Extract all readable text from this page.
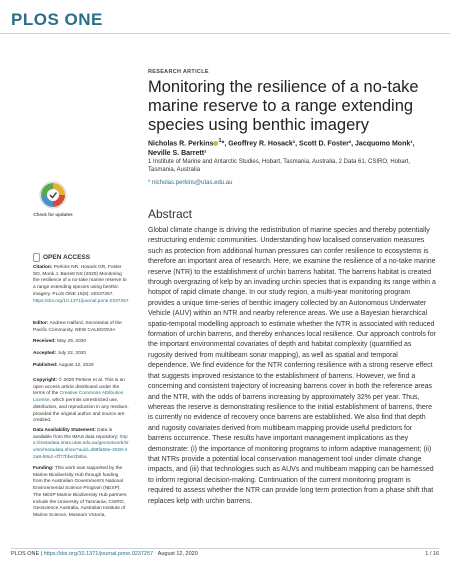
PLOS ONE
RESEARCH ARTICLE
Monitoring the resilience of a no-take marine reserve to a range extending species using benthic imagery
Nicholas R. Perkins $^1$*, Geoffrey R. Hosack², Scott D. Foster², Jacquomo Monk¹, Neville S. Barrett¹
1 Institute of Marine and Antarctic Studies, Hobart, Tasmania, Australia, 2 Data 61, CSIRO, Hobart, Tasmania, Australia
* nicholas.perkins@utas.edu.au
Abstract
Global climate change is driving the redistribution of marine species and thereby potentially restructuring endemic communities. Understanding how localised conservation measures such as protection from additional human pressures can confer resilience to ecosystems is therefore an important area of research. Here, we examine the resilience of a no-take marine reserve (NTR) to the establishment of urchin barrens habitat. The barrens habitat is created through overgrazing of kelp by an invading urchin species that is expanding its range within a hotspot of rapid climate change. In our study region, a multi-year monitoring program provides a unique time-series of benthic imagery collected by an Autonomous Underwater Vehicle (AUV) within an NTR and nearby reference areas. We use a Bayesian hierarchical spatio-temporal modelling approach to estimate whether the NTR is associated with reduced formation of urchin barrens, and thereby enhances local resilience. Our approach controls for the important environmental covariates of depth and habitat complexity (quantified as rugosity derived from multibeam sonar mapping), as well as spatial and temporal dependence. We find evidence for the NTR conferring resilience with a strong reserve effect that suggests improved resistance to the establishment of barrens. However, we find a concerning and consistent trajectory of increasing barrens cover in both the reference areas and the NTR, with the odds of barrens increasing by approximately 32% per year. Thus, whereas the reserve is demonstrating resilience to the initial establishment of barrens, there is currently no evidence of recovery once barrens are established. We also find that depth and rugosity covariates derived from multibeam mapping provide useful predictors for barrens occurrence. These results have important management implications as they demonstrate: (i) the importance of monitoring programs to inform adaptive management; (ii) that NTRs provide a potential local conservation management tool under climate change impacts, and (iii) that technologies such as AUVs and multibeam mapping can be harnessed to inform regional decision-making. Continuation of the current monitoring program is required to assess whether the NTR can provide long term protection from a phase shift that replaces kelp with urchin barrens.
Check for updates
OPEN ACCESS
Citation: Perkins NR, Hosack GR, Foster SD, Monk J, Barrett NS (2020) Monitoring the resilience of a no-take marine reserve to a range extending species using benthic imagery. PLoS ONE 15(8): e0237257. https://doi.org/10.1371/journal.pone.0237257
Editor: Andrew Halford, Secretariat of the Pacific Community, NEW CALEDONIA
Received: May 29, 2020
Accepted: July 22, 2020
Published: August 12, 2020
Copyright: © 2020 Perkins et al. This is an open access article distributed under the terms of the Creative Commons Attribution License, which permits unrestricted use, distribution, and reproduction in any medium, provided the original author and source are credited.
Data Availability Statement: Data is available from the IMAS data repository: https://metadata.imas.utas.edu.au/geonetwork/srv/en/metadata.show?uuid=d99fa55e-2028-42a8-b8a2-cff77bbe2b8ba.
Funding: This work was supported by the Marine Biodiversity Hub through funding from the Australian Government's National Environmental Science Program (NESP). The NESP Marine Biodiversity Hub partners include the University of Tasmania; CSIRO, Geoscience Australia, Australian Institute of Marine Science, Museum Victoria,
PLOS ONE | https://doi.org/10.1371/journal.pone.0237257 August 12, 2020	1 / 16
